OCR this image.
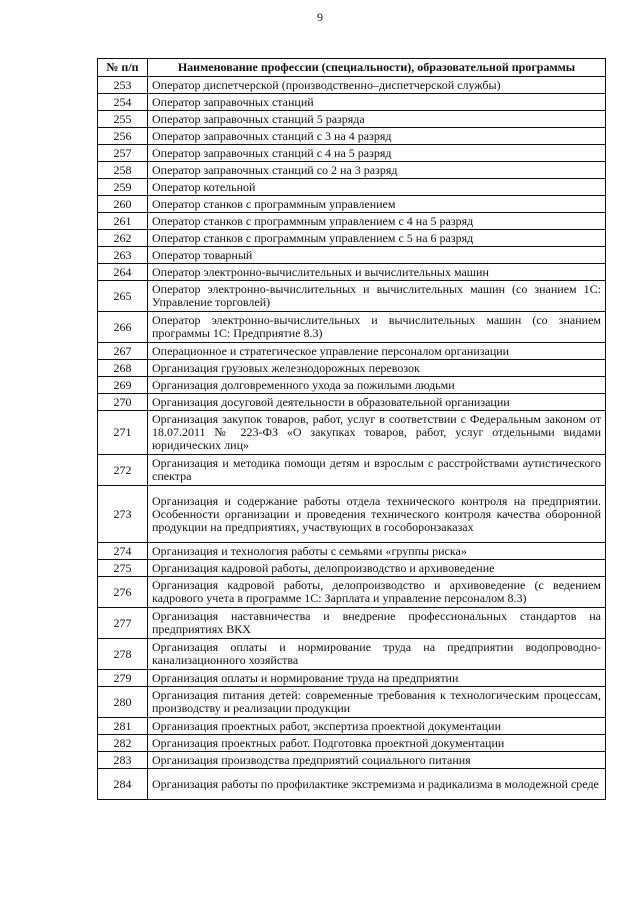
9
№ п/п	Наименование профессии (специальности), образовательной программы
253	Оператор диспетчерской (производственно–диспетчерской службы)
254	Оператор заправочных станций
255	Оператор заправочных станций 5 разряда
256	Оператор заправочных станций с 3 на 4 разряд
257	Оператор заправочных станций с 4 на 5 разряд
258	Оператор заправочных станций со 2 на 3 разряд
259	Оператор котельной
260	Оператор станков с программным управлением
261	Оператор станков с программным управлением с 4 на 5 разряд
262	Оператор станков с программным управлением с 5 на 6 разряд
263	Оператор товарный
264	Оператор электронно-вычислительных и вычислительных машин
265	Оператор электронно-вычислительных и вычислительных машин (со знанием 1С: Управление торговлей)
266	Оператор электронно-вычислительных и вычислительных машин (со знанием программы 1С: Предприятие 8.3)
267	Операционное и стратегическое управление персоналом организации
268	Организация грузовых железнодорожных перевозок
269	Организация долговременного ухода за пожилыми людьми
270	Организация досуговой деятельности в образовательной организации
271	Организация закупок товаров, работ, услуг в соответствии с Федеральным законом от 18.07.2011 № 223-ФЗ «О закупках товаров, работ, услуг отдельными видами юридических лиц»
272	Организация и методика помощи детям и взрослым с расстройствами аутистического спектра
273	Организация и содержание работы отдела технического контроля на предприятии. Особенности организации и проведения технического контроля качества оборонной продукции на предприятиях, участвующих в гособоронзаказах
274	Организация и технология работы с семьями «группы риска»
275	Организация кадровой работы, делопроизводство и архивоведение
276	Организация кадровой работы, делопроизводство и архивоведение (с ведением кадрового учета в программе 1С: Зарплата и управление персоналом 8.3)
277	Организация наставничества и внедрение профессиональных стандартов на предприятиях ВКХ
278	Организация оплаты и нормирование труда на предприятии водопроводно-канализационного хозяйства
279	Организация оплаты и нормирование труда на предприятии
280	Организация питания детей: современные требования к технологическим процессам, производству и реализации продукции
281	Организация проектных работ, экспертиза проектной документации
282	Организация проектных работ. Подготовка проектной документации
283	Организация производства предприятий социального питания
284	Организация работы по профилактике экстремизма и радикализма в молодежной среде
